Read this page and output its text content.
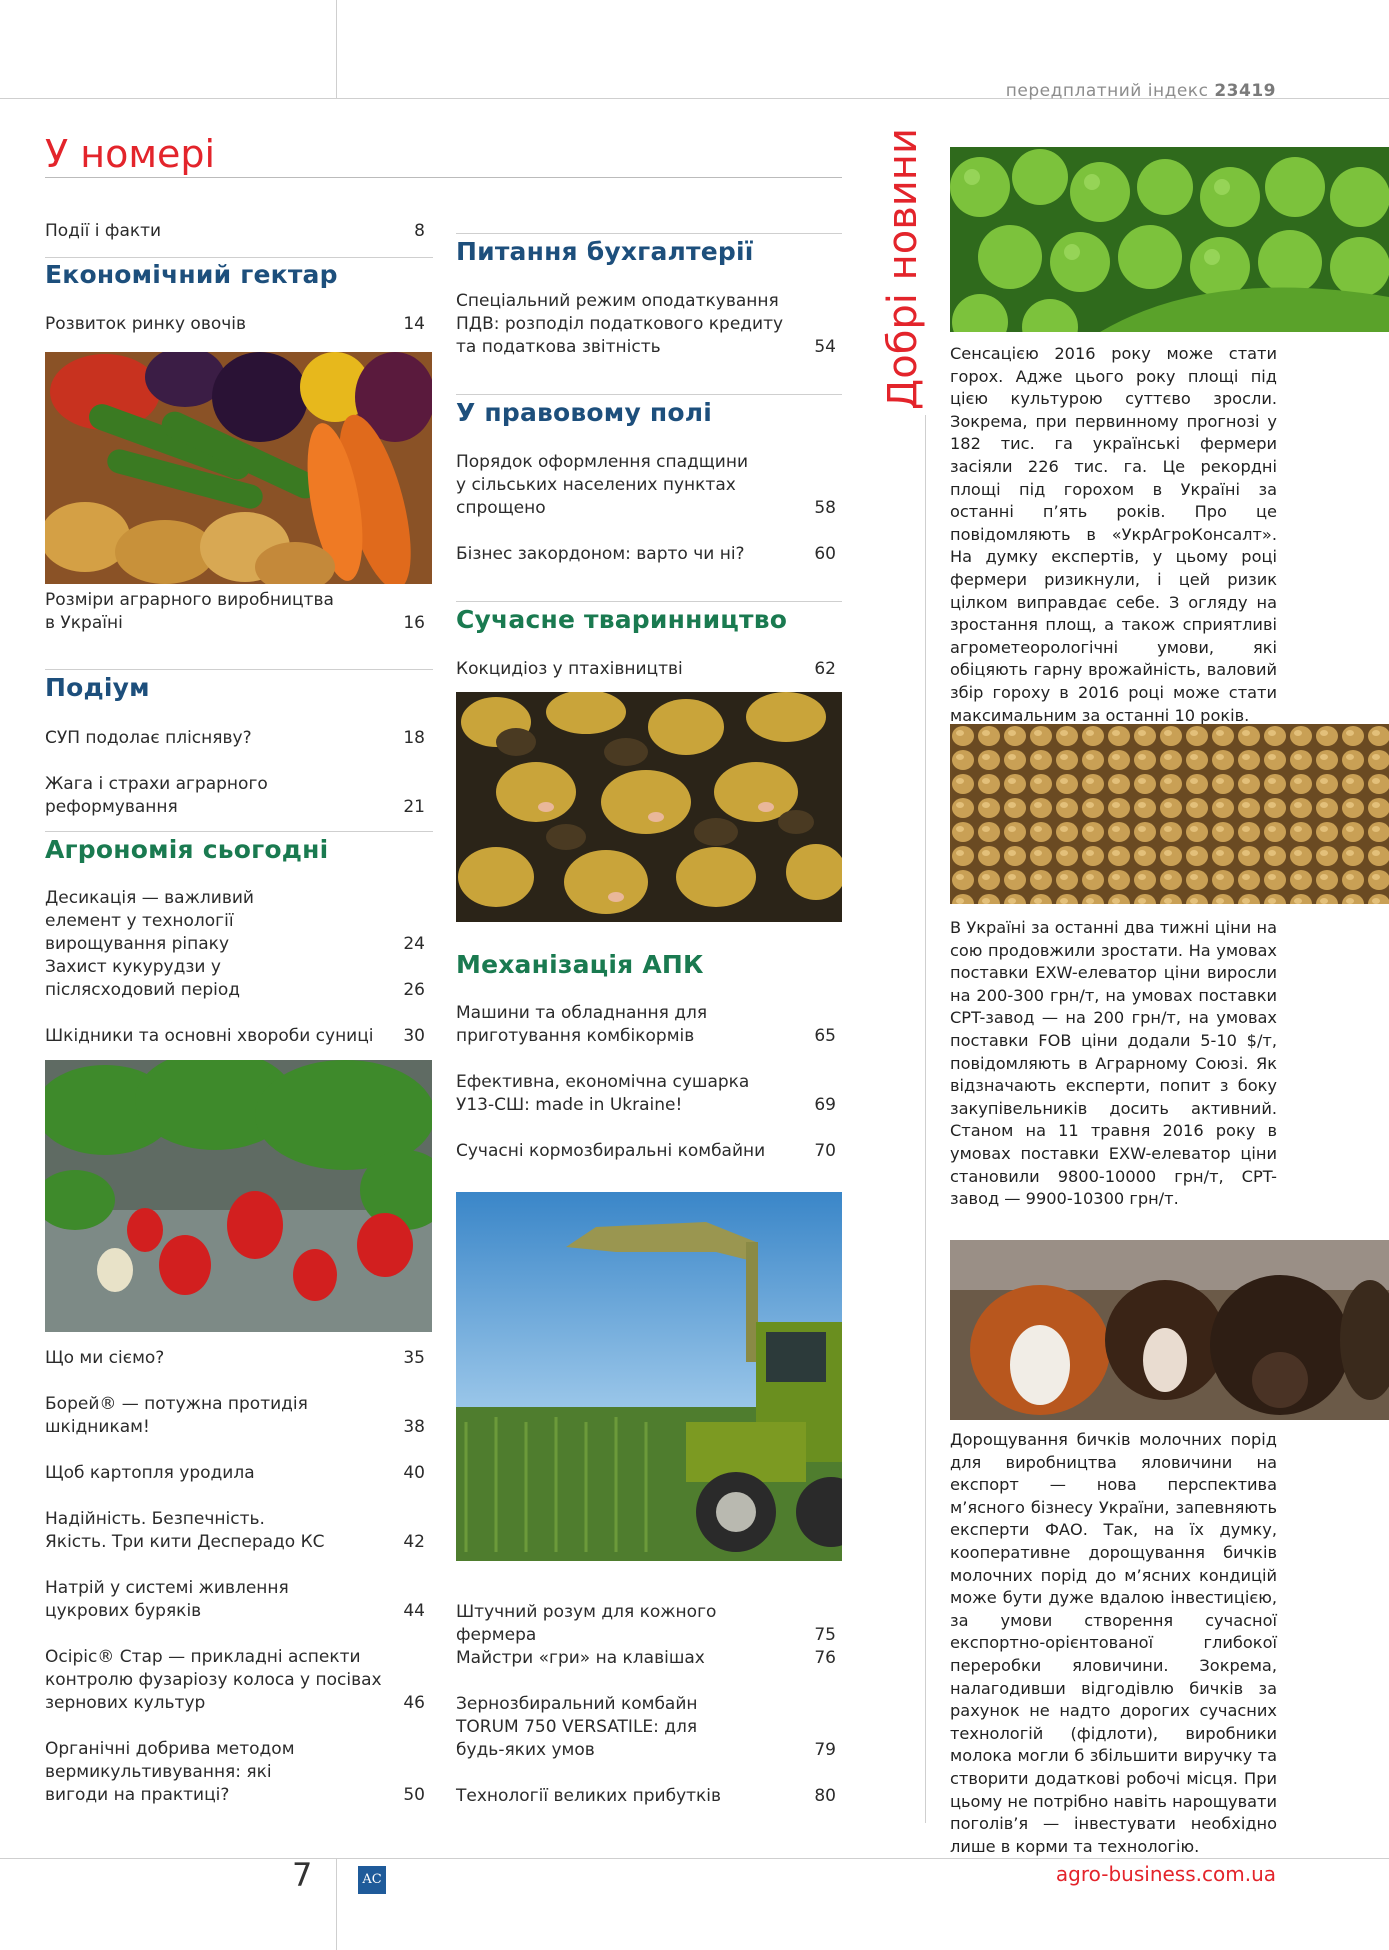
передплатний індекс 23419
У номері
Події і факти	8
Економічний гектар
Розвиток ринку овочів	14
Розміри аграрного виробництва в Україні	16
Подіум
СУП подолає плісняву?	18
Жага і страхи аграрного реформування	21
Агрономія сьогодні
Десикація — важливий елемент у технології вирощування ріпаку	24
Захист кукурудзи у післясходовий період	26
Шкідники та основні хвороби суниці	30
Що ми сіємо?	35
Борей® — потужна протидія шкідникам!	38
Щоб картопля уродила	40
Надійність. Безпечність. Якість. Три кити Десперадо КС	42
Натрій у системі живлення цукрових буряків	44
Осіріс® Стар — прикладні аспекти контролю фузаріозу колоса у посівах зернових культур	46
Органічні добрива методом вермикультивування: які вигоди на практиці?	50
Питання бухгалтерії
Спеціальний режим оподаткування ПДВ: розподіл податкового кредиту та податкова звітність	54
У правовому полі
Порядок оформлення спадщини у сільських населених пунктах спрощено	58
Бізнес закордоном: варто чи ні?	60
Сучасне тваринництво
Кокцидіоз у птахівництві	62
Механізація АПК
Машини та обладнання для приготування комбікормів	65
Ефективна, економічна сушарка У13-СШ: made in Ukraine!	69
Сучасні кормозбиральні комбайни	70
Штучний розум для кожного фермера	75
Майстри «гри» на клавішах	76
Зернозбиральний комбайн TORUM 750 VERSATILE: для будь-яких умов	79
Технології великих прибутків	80
Добрі новини Сенсацією 2016 року може стати горох. Адже цього року площі під цією культурою суттєво зросли. Зокрема, при первинному прогнозі у 182 тис. га українські фермери засіяли 226 тис. га. Це рекордні площі під горохом в Україні за останні п’ять років. Про це повідомляють в «УкрАгроКонсалт». На думку експертів, у цьому році фермери ризикнули, і цей ризик цілком виправдає себе. З огляду на зростання площ, а також сприятливі агрометеорологічні умови, які обіцяють гарну врожайність, валовий збір гороху в 2016 році може стати максимальним за останні 10 років.
В Україні за останні два тижні ціни на сою продовжили зростати. На умовах поставки EXW-елеватор ціни виросли на 200-300 грн/т, на умовах поставки CPT-завод — на 200 грн/т, на умовах поставки FOB ціни додали 5-10 $/т, повідомляють в Аграрному Союзі. Як відзначають експерти, попит з боку закупівельників досить активний. Станом на 11 травня 2016 року в умовах поставки EXW-елеватор ціни становили 9800-10000 грн/т, CPT-завод — 9900-10300 грн/т.
Дорощування бичків молочних порід для виробництва яловичини на експорт — нова перспектива м’ясного бізнесу України, запевняють експерти ФАО. Так, на їх думку, кооперативне дорощування бичків молочних порід до м’ясних кондицій може бути дуже вдалою інвестицією, за умови створення сучасної експортно-орієнтованої глибокої переробки яловичини. Зокрема, налагодивши відгодівлю бичків за рахунок не надто дорогих сучасних технологій (фідлоти), виробники молока могли б збільшити виручку та створити додаткові робочі місця. При цьому не потрібно навіть нарощувати поголів’я — інвестувати необхідно лише в корми та технологію.
7	AC	agro-business.com.ua
